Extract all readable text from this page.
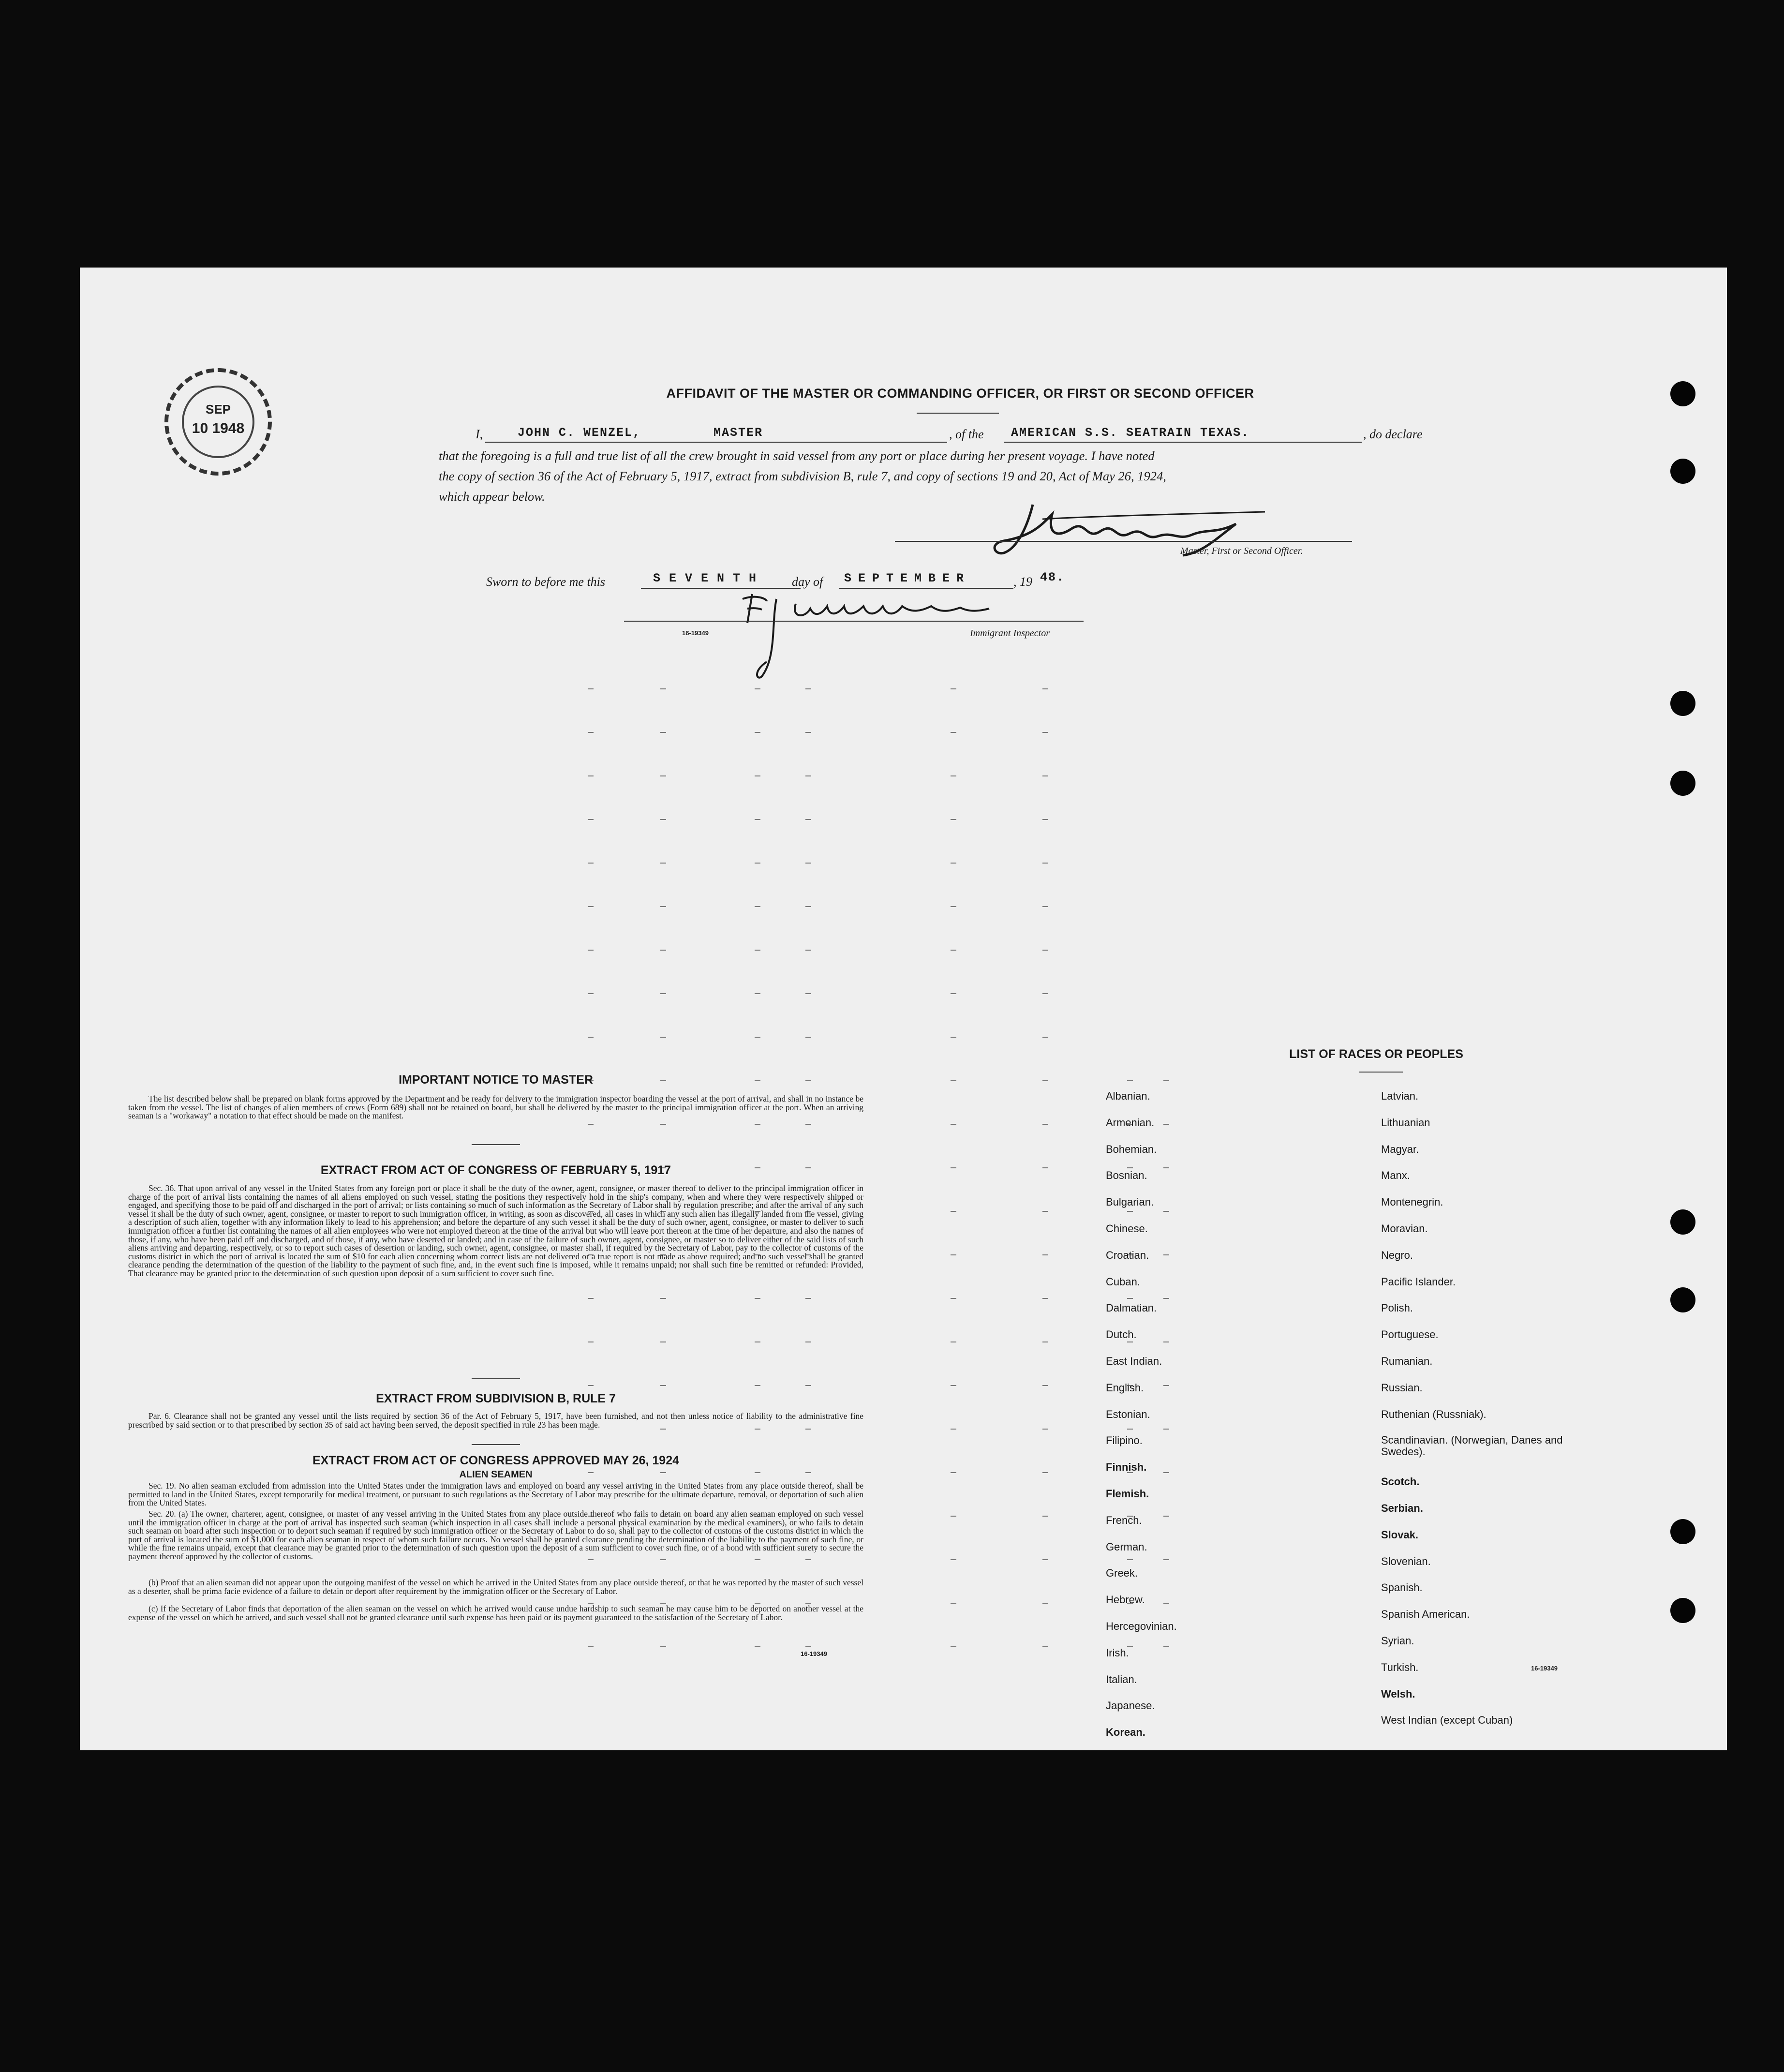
SEP
10 1948
AFFIDAVIT OF THE MASTER OR COMMANDING OFFICER, OR FIRST OR SECOND OFFICER
I,	JOHN C. WENZEL,	MASTER	, of the AMERICAN S.S. SEATRAIN TEXAS.	, do declare
that the foregoing is a full and true list of all the crew brought in said vessel from any port or place during her present voyage. I have noted
the copy of section 36 of the Act of February 5, 1917, extract from subdivision B, rule 7, and copy of sections 19 and 20, Act of May 26, 1924,
which appear below.
Master, First or Second Officer.
Sworn to before me this	SEVENTH day of SEPTEMBER	, 19 48.
16-19349	Immigrant Inspector
IMPORTANT NOTICE TO MASTER
The list described below shall be prepared on blank forms approved by the Department and be ready for delivery to the immigration inspector boarding the vessel at the port of arrival, and shall in no instance be taken from the vessel. The list of changes of alien members of crews (Form 689) shall not be retained on board, but shall be delivered by the master to the principal immigration officer at the port. When an arriving seaman is a "workaway" a notation to that effect should be made on the manifest.
EXTRACT FROM ACT OF CONGRESS OF FEBRUARY 5, 1917
Sec. 36. That upon arrival of any vessel in the United States from any foreign port or place it shall be the duty of the owner, agent, consignee, or master thereof to deliver to the principal immigration officer in charge of the port of arrival lists containing the names of all aliens employed on such vessel, stating the positions they respectively hold in the ship's company, when and where they were respectively shipped or engaged, and specifying those to be paid off and discharged in the port of arrival; or lists containing so much of such information as the Secretary of Labor shall by regulation prescribe; and after the arrival of any such vessel it shall be the duty of such owner, agent, consignee, or master to report to such immigration officer, in writing, as soon as discovered, all cases in which any such alien has illegally landed from the vessel, giving a description of such alien, together with any information likely to lead to his apprehension; and before the departure of any such vessel it shall be the duty of such owner, agent, consignee, or master to deliver to such immigration officer a further list containing the names of all alien employees who were not employed thereon at the time of the arrival but who will leave port thereon at the time of her departure, and also the names of those, if any, who have been paid off and discharged, and of those, if any, who have deserted or landed; and in case of the failure of such owner, agent, consignee, or master so to deliver either of the said lists of such aliens arriving and departing, respectively, or so to report such cases of desertion or landing, such owner, agent, consignee, or master shall, if required by the Secretary of Labor, pay to the collector of customs of the customs district in which the port of arrival is located the sum of $10 for each alien concerning whom correct lists are not delivered or a true report is not made as above required; and no such vessel shall be granted clearance pending the determination of the question of the liability to the payment of such fine, and, in the event such fine is imposed, while it remains unpaid; nor shall such fine be remitted or refunded: Provided, That clearance may be granted prior to the determination of such question upon deposit of a sum sufficient to cover such fine.
EXTRACT FROM SUBDIVISION B, RULE 7
Par. 6. Clearance shall not be granted any vessel until the lists required by section 36 of the Act of February 5, 1917, have been furnished, and not then unless notice of liability to the administrative fine prescribed by said section or to that prescribed by section 35 of said act having been served, the deposit specified in rule 23 has been made.
EXTRACT FROM ACT OF CONGRESS APPROVED MAY 26, 1924
ALIEN SEAMEN
Sec. 19. No alien seaman excluded from admission into the United States under the immigration laws and employed on board any vessel arriving in the United States from any place outside thereof, shall be permitted to land in the United States, except temporarily for medical treatment, or pursuant to such regulations as the Secretary of Labor may prescribe for the ultimate departure, removal, or deportation of such alien from the United States.
Sec. 20. (a) The owner, charterer, agent, consignee, or master of any vessel arriving in the United States from any place outside thereof who fails to detain on board any alien seaman employed on such vessel until the immigration officer in charge at the port of arrival has inspected such seaman (which inspection in all cases shall include a personal physical examination by the medical examiners), or who fails to detain such seaman on board after such inspection or to deport such seaman if required by such immigration officer or the Secretary of Labor to do so, shall pay to the collector of customs of the customs district in which the port of arrival is located the sum of $1,000 for each alien seaman in respect of whom such failure occurs. No vessel shall be granted clearance pending the determination of the liability to the payment of such fine, or while the fine remains unpaid, except that clearance may be granted prior to the determination of such question upon the deposit of a sum sufficient to cover such fine, or of a bond with sufficient surety to secure the payment thereof approved by the collector of customs.
(b) Proof that an alien seaman did not appear upon the outgoing manifest of the vessel on which he arrived in the United States from any place outside thereof, or that he was reported by the master of such vessel as a deserter, shall be prima facie evidence of a failure to detain or deport after requirement by the immigration officer or the Secretary of Labor.
(c) If the Secretary of Labor finds that deportation of the alien seaman on the vessel on which he arrived would cause undue hardship to such seaman he may cause him to be deported on another vessel at the expense of the vessel on which he arrived, and such vessel shall not be granted clearance until such expense has been paid or its payment guaranteed to the satisfaction of the Secretary of Labor.
16-19349
LIST OF RACES OR PEOPLES
Albanian.
Armenian.
Bohemian.
Bosnian.
Bulgarian.
Chinese.
Croatian.
Cuban.
Dalmatian.
Dutch.
East Indian.
English.
Estonian.
Filipino.
Finnish.
Flemish.
French.
German.
Greek.
Hebrew.
Hercegovinian.
Irish.
Italian.
Japanese.
Korean.
Latvian.
Lithuanian
Magyar.
Manx.
Montenegrin.
Moravian.
Negro.
Pacific Islander.
Polish.
Portuguese.
Rumanian.
Russian.
Ruthenian (Russniak).
Scandinavian. (Norwegian, Danes and Swedes).
Scotch.
Serbian.
Slovak.
Slovenian.
Spanish.
Spanish American.
Syrian.
Turkish.
Welsh.
West Indian (except Cuban)
16-19349
